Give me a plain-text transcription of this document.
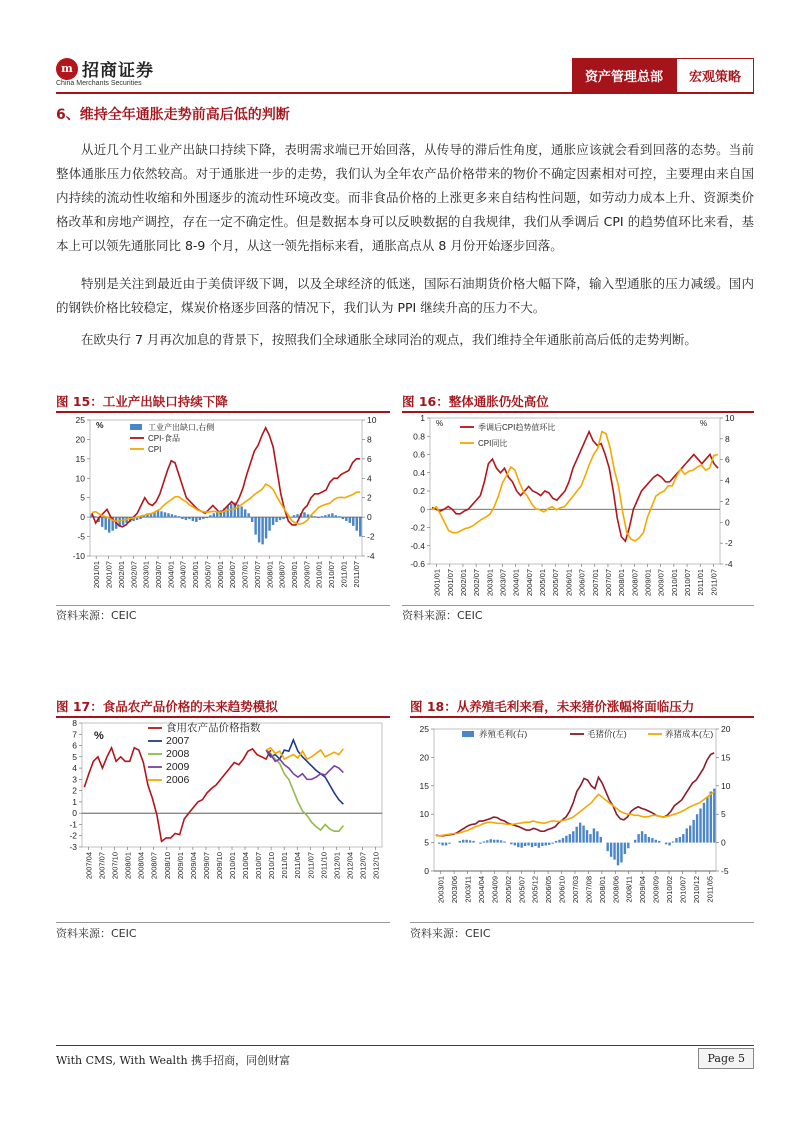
m 招商证券
China Merchants Securities	资产管理总部	宏观策略
6、维持全年通胀走势前高后低的判断
从近几个月工业产出缺口持续下降，表明需求端已开始回落，从传导的滞后性角度，通胀应该就会看到回落的态势。当前整体通胀压力依然较高。对于通胀进一步的走势，我们认为全年农产品价格带来的物价不确定因素相对可控，主要理由来自国内持续的流动性收缩和外围逐步的流动性环境改变。而非食品价格的上涨更多来自结构性问题，如劳动力成本上升、资源类价格改革和房地产调控，存在一定不确定性。但是数据本身可以反映数据的自我规律，我们从季调后 CPI 的趋势值环比来看，基本上可以领先通胀同比 8-9 个月，从这一领先指标来看，通胀高点从 8 月份开始逐步回落。
特别是关注到最近由于美债评级下调，以及全球经济的低迷，国际石油期货价格大幅下降，输入型通胀的压力减缓。国内的钢铁价格比较稳定，煤炭价格逐步回落的情况下，我们认为 PPI 继续升高的压力不大。
在欧央行 7 月再次加息的背景下，按照我们全球通胀全球同治的观点，我们维持全年通胀前高后低的走势判断。
图 15：工业产出缺口持续下降
25
20
15
10
5
0
-5
-10
10
8
6
4
2
0
-2
-4
2001/01 2001/07 2002/01 2002/07 2003/01 2003/07 2004/01 2004/07 2005/01 2005/07 2006/01 2006/07 2007/01 2007/07 2008/01 2008/07 2009/01 2009/07 2010/01 2010/07 2011/01 2011/07
%	工业产出缺口,右侧
CPI-食品
CPI
资料来源：CEIC
图 16：整体通胀仍处高位
1
0.8
0.6
0.4
0.2
0
-0.2
-0.4
-0.6
10
8
6
4
2
0
-2
-4
2001/01 2001/07 2002/01 2002/07 2003/01 2003/07 2004/01 2004/07 2005/01 2005/07 2006/01 2006/07 2007/01 2007/07 2008/01 2008/07 2009/01 2009/07 2010/01 2010/07 2011/01 2011/07
%	%
季调后CPI趋势值环比
CPI同比
资料来源：CEIC
图 17：食品农产品价格的未来趋势模拟
8
7
6
5
4
3
2
1
0
-1
-2
-3
2007/04 2007/07 2007/10 2008/01 2008/04 2008/07 2008/10 2009/01 2009/04 2009/07 2009/10 2010/01 2010/04 2010/07 2010/10 2011/01 2011/04 2011/07 2011/10 2012/01 2012/04 2012/07 2012/10
%
食用农产品价格指数
2007
2008
2009
2006
资料来源：CEIC
图 18：从养殖毛利来看，未来猪价涨幅将面临压力
25
20
15
10
5
0
20
15
10
5
0
-5
2003/01 2003/06 2003/11 2004/04 2004/09 2005/02 2005/07 2005/12 2006/05 2006/10 2007/03 2007/08 2008/01 2008/06 2008/11 2009/04 2009/09 2010/02 2010/07 2010/12 2011/05
养殖毛利(右)	毛猪价(左)	养猪成本(左)
资料来源：CEIC
With CMS, With Wealth 携手招商，同创财富	Page 5
